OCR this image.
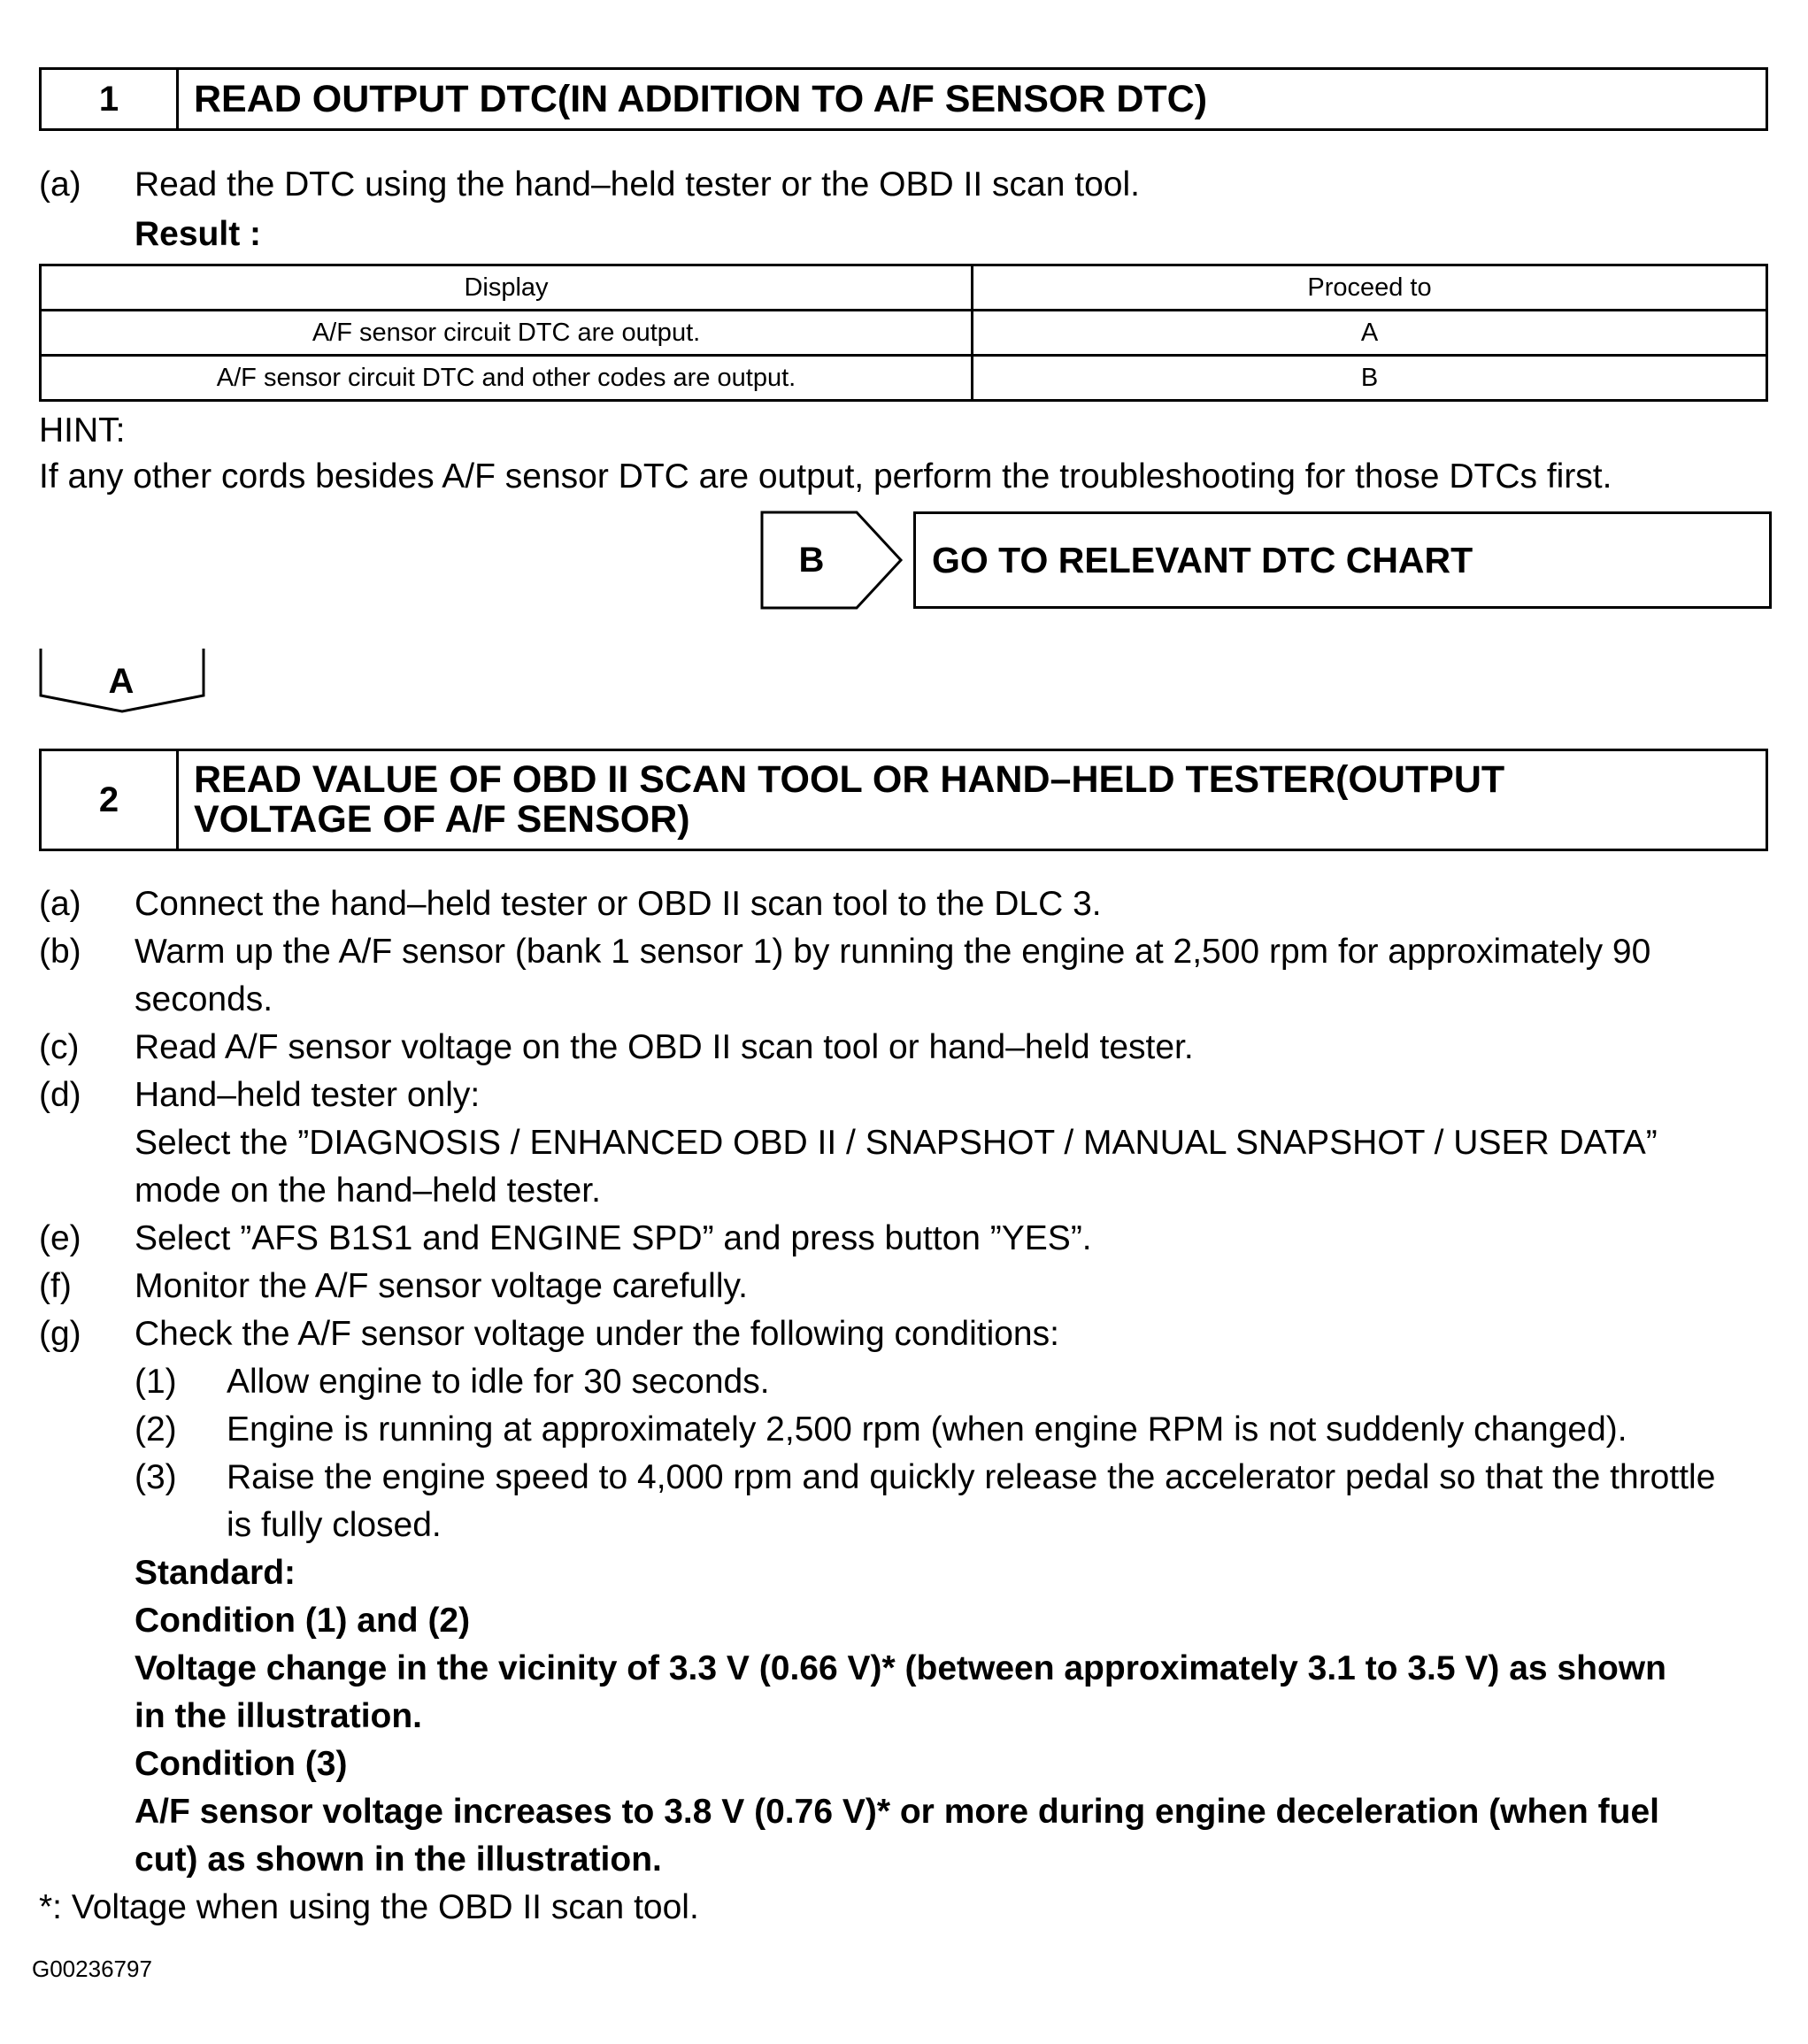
1	READ OUTPUT DTC(IN ADDITION TO A/F SENSOR DTC)
(a) Read the DTC using the hand–held tester or the OBD II scan tool.
Result :
Display	Proceed to
A/F sensor circuit DTC are output.	A
A/F sensor circuit DTC and other codes are output.	B
HINT:
If any other cords besides A/F sensor DTC are output, perform the troubleshooting for those DTCs first.
B	GO TO RELEVANT DTC CHART
A
2	READ VALUE OF OBD II SCAN TOOL OR HAND–HELD TESTER(OUTPUT
VOLTAGE OF A/F SENSOR)
(a) Connect the hand–held tester or OBD II scan tool to the DLC 3.
(b) Warm up the A/F sensor (bank 1 sensor 1) by running the engine at 2,500 rpm for approximately 90
seconds.
(c) Read A/F sensor voltage on the OBD II scan tool or hand–held tester.
(d) Hand–held tester only:
Select the ”DIAGNOSIS / ENHANCED OBD II / SNAPSHOT / MANUAL SNAPSHOT / USER DATA”
mode on the hand–held tester.
(e) Select ”AFS B1S1 and ENGINE SPD” and press button ”YES”.
(f) Monitor the A/F sensor voltage carefully.
(g) Check the A/F sensor voltage under the following conditions:
(1) Allow engine to idle for 30 seconds.
(2) Engine is running at approximately 2,500 rpm (when engine RPM is not suddenly changed).
(3) Raise the engine speed to 4,000 rpm and quickly release the accelerator pedal so that the throttle
is fully closed.
Standard:
Condition (1) and (2)
Voltage change in the vicinity of 3.3 V (0.66 V)* (between approximately 3.1 to 3.5 V) as shown
in the illustration.
Condition (3)
A/F sensor voltage increases to 3.8 V (0.76 V)* or more during engine deceleration (when fuel
cut) as shown in the illustration.
*: Voltage when using the OBD II scan tool.
G00236797
